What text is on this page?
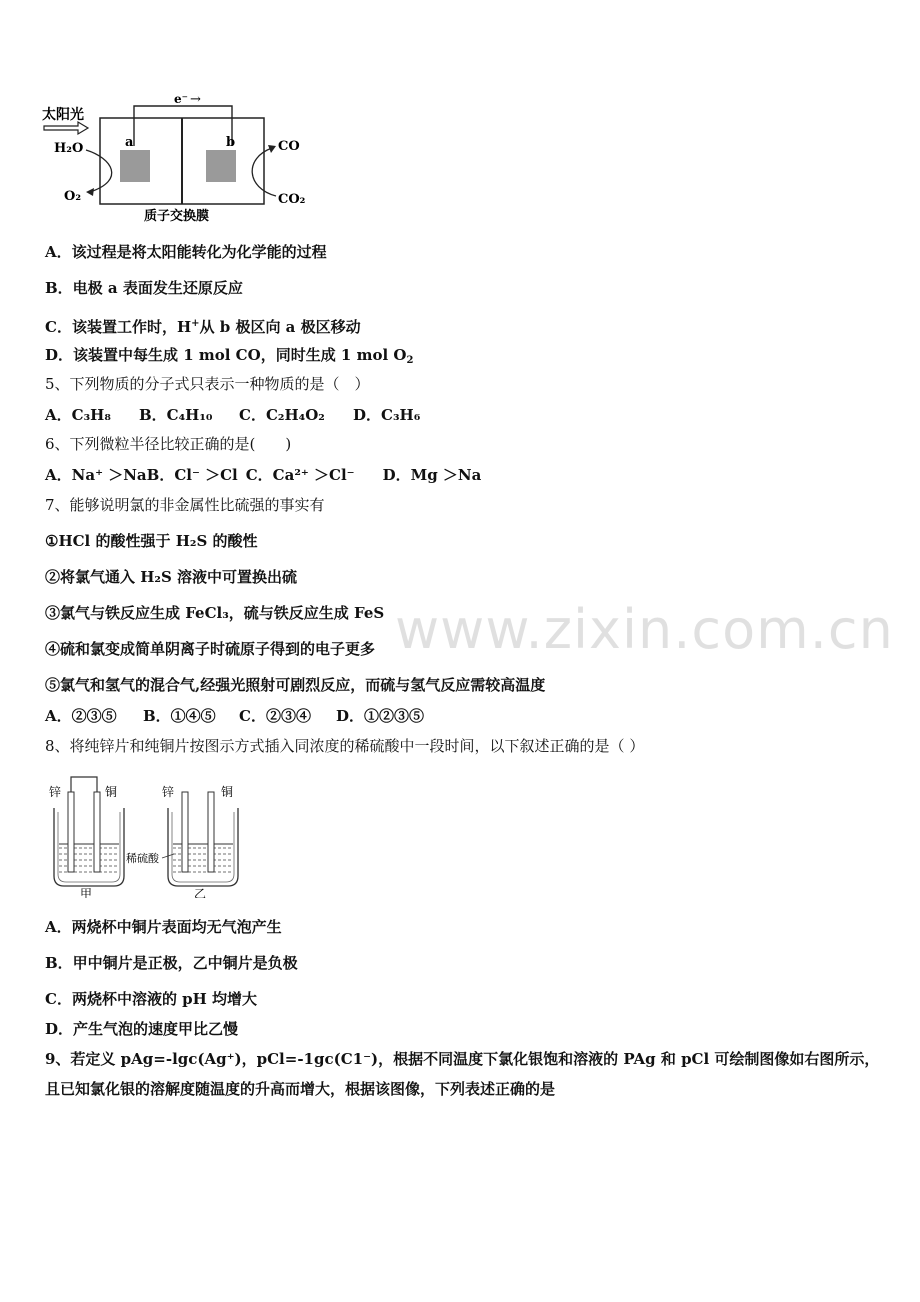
太阳光
e⁻ →
a	b
H₂O
O₂
CO
CO₂
质子交换膜
A．该过程是将太阳能转化为化学能的过程
B．电极 a 表面发生还原反应
C．该装置工作时，H+从 b 极区向 a 极区移动
D．该装置中每生成 1 mol CO，同时生成 1 mol $O_2$
5、下列物质的分子式只表示一种物质的是（　）
A．C₃H₈ B．C₄H₁₀ C．C₂H₄O₂ D．C₃H₆
6、下列微粒半径比较正确的是(　　)
A．Na⁺ ＞NaB．Cl⁻ ＞Cl C．Ca²⁺ ＞Cl⁻ D．Mg ＞Na
7、能够说明氯的非金属性比硫强的事实有
①HCl 的酸性强于 H₂S 的酸性
②将氯气通入 H₂S 溶液中可置换出硫
③氯气与铁反应生成 FeCl₃，硫与铁反应生成 FeS
④硫和氯变成简单阴离子时硫原子得到的电子更多
⑤氯气和氢气的混合气,经强光照射可剧烈反应，而硫与氢气反应需较高温度
A．②③⑤ B．①④⑤ C．②③④ D．①②③⑤
8、将纯锌片和纯铜片按图示方式插入同浓度的稀硫酸中一段时间，以下叙述正确的是（ ）
锌	铜
甲
锌	铜
乙
稀硫酸
A．两烧杯中铜片表面均无气泡产生
B．甲中铜片是正极，乙中铜片是负极
C．两烧杯中溶液的 pH 均增大
D．产生气泡的速度甲比乙慢
9、若定义 pAg=-lgc(Ag⁺)，pCl=-1gc(C1⁻)，根据不同温度下氯化银饱和溶液的 PAg 和 pCl 可绘制图像如右图所示，且已知氯化银的溶解度随温度的升高而增大，根据该图像，下列表述正确的是
www.zixin.com.cn
